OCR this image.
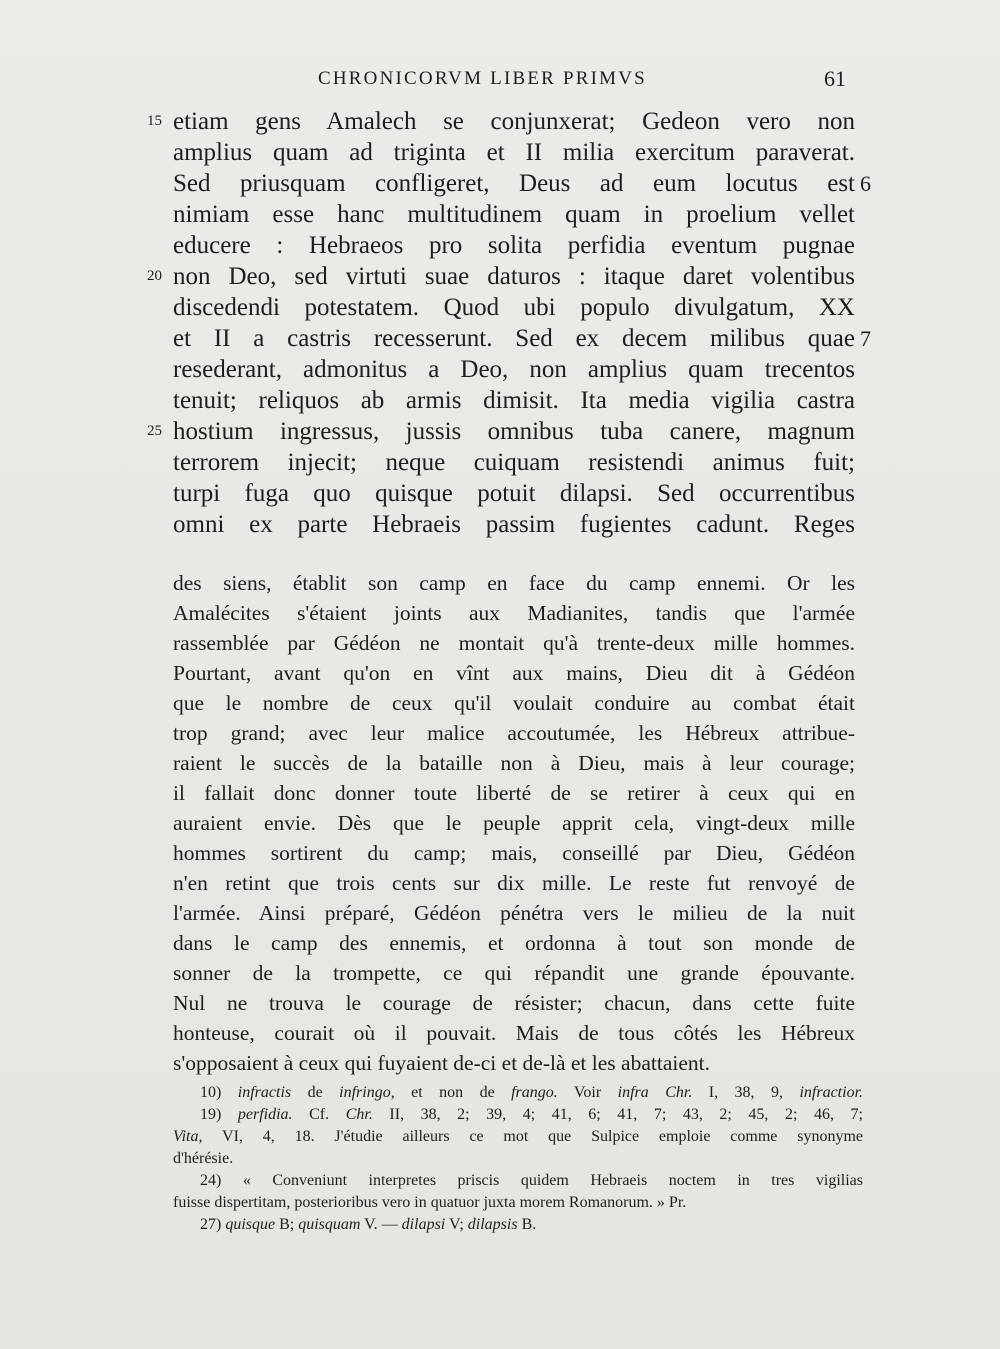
CHRONICORVM LIBER PRIMVS	61
15 etiam gens Amalech se conjunxerat; Gedeon vero non
amplius quam ad triginta et II milia exercitum paraverat.
Sed priusquam confligeret, Deus ad eum locutus est 6
nimiam esse hanc multitudinem quam in proelium vellet
educere : Hebraeos pro solita perfidia eventum pugnae
20 non Deo, sed virtuti suae daturos : itaque daret volentibus
discedendi potestatem. Quod ubi populo divulgatum, XX
et II a castris recesserunt. Sed ex decem milibus quae 7
resederant, admonitus a Deo, non amplius quam trecentos
tenuit; reliquos ab armis dimisit. Ita media vigilia castra
25 hostium ingressus, jussis omnibus tuba canere, magnum
terrorem injecit; neque cuiquam resistendi animus fuit;
turpi fuga quo quisque potuit dilapsi. Sed occurrentibus
omni ex parte Hebraeis passim fugientes cadunt. Reges
des siens, établit son camp en face du camp ennemi. Or les
Amalécites s'étaient joints aux Madianites, tandis que l'armée
rassemblée par Gédéon ne montait qu'à trente-deux mille hommes.
Pourtant, avant qu'on en vînt aux mains, Dieu dit à Gédéon
que le nombre de ceux qu'il voulait conduire au combat était
trop grand; avec leur malice accoutumée, les Hébreux attribue-
raient le succès de la bataille non à Dieu, mais à leur courage;
il fallait donc donner toute liberté de se retirer à ceux qui en
auraient envie. Dès que le peuple apprit cela, vingt-deux mille
hommes sortirent du camp; mais, conseillé par Dieu, Gédéon
n'en retint que trois cents sur dix mille. Le reste fut renvoyé de
l'armée. Ainsi préparé, Gédéon pénétra vers le milieu de la nuit
dans le camp des ennemis, et ordonna à tout son monde de
sonner de la trompette, ce qui répandit une grande épouvante.
Nul ne trouva le courage de résister; chacun, dans cette fuite
honteuse, courait où il pouvait. Mais de tous côtés les Hébreux
s'opposaient à ceux qui fuyaient de-ci et de-là et les abattaient.
10) infractis de infringo, et non de frango. Voir infra Chr. I, 38, 9, infractior.
19) perfidia. Cf. Chr. II, 38, 2; 39, 4; 41, 6; 41, 7; 43, 2; 45, 2; 46, 7;
Vita, VI, 4, 18. J'étudie ailleurs ce mot que Sulpice emploie comme synonyme
d'hérésie.
24) « Conveniunt interpretes priscis quidem Hebraeis noctem in tres vigilias
fuisse dispertitam, posterioribus vero in quatuor juxta morem Romanorum. » Pr.
27) quisque B; quisquam V. — dilapsi V; dilapsis B.
